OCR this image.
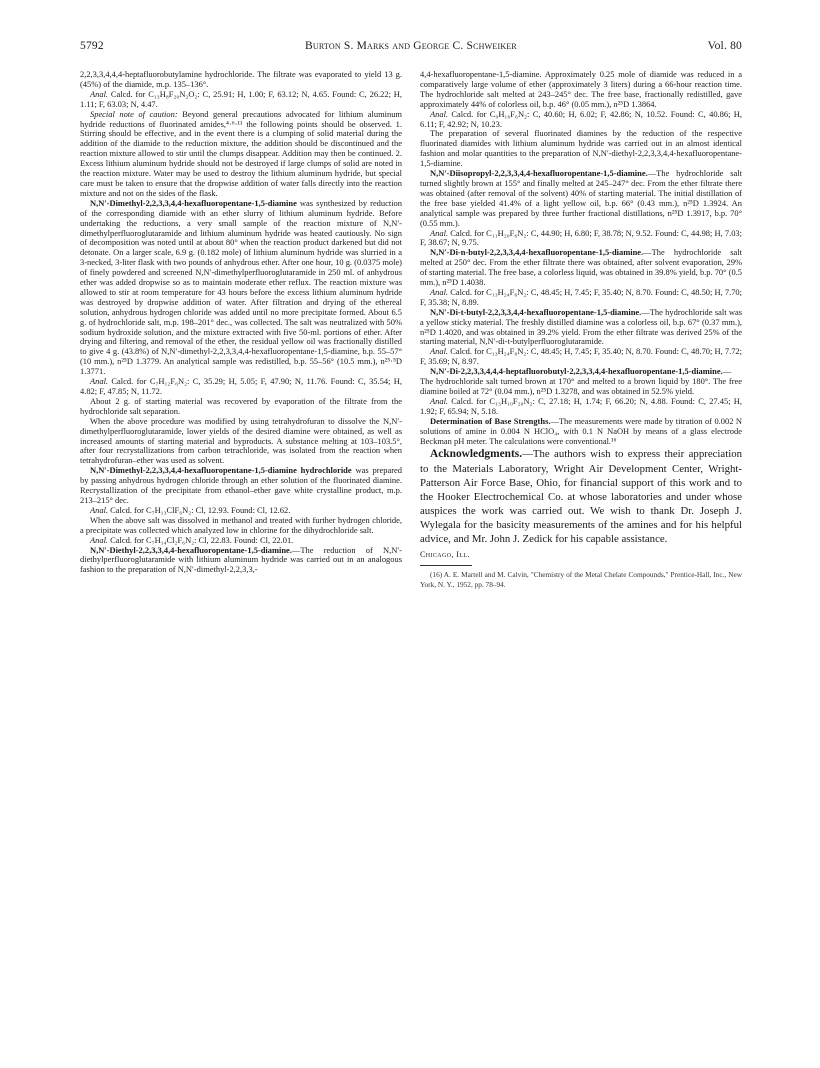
5792	Burton S. Marks and George C. Schweiker	Vol. 80

2,2,3,3,4,4,4-heptafluorobutylamine hydrochloride. The filtrate was evaporated to yield 13 g. (45%) of the diamide, m.p. 135–136°.

Anal. Calcd. for C₁₃H₈F₂₀N₂O₂: C, 25.91; H, 1.00; F, 63.12; N, 4.65. Found: C, 26.22; H, 1.11; F, 63.03; N, 4.47.

Special note of caution: Beyond general precautions advocated for lithium aluminum hydride reductions of fluorinated amides,⁴·⁶·¹¹ the following points should be observed. 1. Stirring should be effective, and in the event there is a clumping of solid material during the addition of the diamide to the reduction mixture, the addition should be discontinued and the reaction mixture allowed to stir until the clumps disappear. Addition may then be continued. 2. Excess lithium aluminum hydride should not be destroyed if large clumps of solid are noted in the reaction mixture. Water may be used to destroy the lithium aluminum hydride, but special care must be taken to ensure that the dropwise addition of water falls directly into the reaction mixture and not on the sides of the flask.

N,N′-Dimethyl-2,2,3,3,4,4-hexafluoropentane-1,5-diamine was synthesized by reduction of the corresponding diamide with an ether slurry of lithium aluminum hydride. Before undertaking the reductions, a very small sample of the reaction mixture of N,N′-dimethylperfluoroglutaramide and lithium aluminum hydride was heated cautiously. No sign of decomposition was noted until at about 80° when the reaction product darkened but did not detonate. On a larger scale, 6.9 g. (0.182 mole) of lithium aluminum hydride was slurried in a 3-necked, 3-liter flask with two pounds of anhydrous ether. After one hour, 10 g. (0.0375 mole) of finely powdered and screened N,N′-dimethylperfluoroglutaramide in 250 ml. of anhydrous ether was added dropwise so as to maintain moderate ether reflux. The reaction mixture was allowed to stir at room temperature for 43 hours before the excess lithium aluminum hydride was destroyed by dropwise addition of water. After filtration and drying of the ethereal solution, anhydrous hydrogen chloride was added until no more precipitate formed. About 6.5 g. of hydrochloride salt, m.p. 198–201° dec., was collected. The salt was neutralized with 50% sodium hydroxide solution, and the mixture extracted with five 50-ml. portions of ether. After drying and filtering, and removal of the ether, the residual yellow oil was fractionally distilled to give 4 g. (43.8%) of N,N′-dimethyl-2,2,3,3,4,4-hexafluoropentane-1,5-diamine, b.p. 55–57° (10 mm.), n²⁵D 1.3779. An analytical sample was redistilled, b.p. 55–56° (10.5 mm.), n²⁵·⁵D 1.3771.

Anal. Calcd. for C₇H₁₂F₆N₂: C, 35.29; H, 5.05; F, 47.90; N, 11.76. Found: C, 35.54; H, 4.82; F, 47.85; N, 11.72.

About 2 g. of starting material was recovered by evaporation of the filtrate from the hydrochloride salt separation.

When the above procedure was modified by using tetrahydrofuran to dissolve the N,N′-dimethylperfluoroglutaramide, lower yields of the desired diamine were obtained, as well as increased amounts of starting material and byproducts. A substance melting at 103–103.5°, after four recrystallizations from carbon tetrachloride, was isolated from the reaction when tetrahydrofuran–ether was used as solvent.

N,N′-Dimethyl-2,2,3,3,4,4-hexafluoropentane-1,5-diamine hydrochloride was prepared by passing anhydrous hydrogen chloride through an ether solution of the fluorinated diamine. Recrystallization of the precipitate from ethanol–ether gave white crystalline product, m.p. 213–215° dec.

Anal. Calcd. for C₇H₁₃ClF₆N₂: Cl, 12.93. Found: Cl, 12.62.

When the above salt was dissolved in methanol and treated with further hydrogen chloride, a precipitate was collected which analyzed low in chlorine for the dihydrochloride salt.

Anal. Calcd. for C₇H₁₄Cl₂F₆N₂: Cl, 22.83. Found: Cl, 22.01.

N,N′-Diethyl-2,2,3,3,4,4-hexafluoropentane-1,5-diamine.—The reduction of N,N′-diethylperfluoroglutaramide with lithium aluminum hydride was carried out in an analogous fashion to the preparation of N,N′-dimethyl-2,2,3,3,-

4,4-hexafluoropentane-1,5-diamine. Approximately 0.25 mole of diamide was reduced in a comparatively large volume of ether (approximately 3 liters) during a 66-hour reaction time. The hydrochloride salt melted at 243–245° dec. The free base, fractionally redistilled, gave approximately 44% of colorless oil, b.p. 46° (0.05 mm.), n²⁵D 1.3864.

Anal. Calcd. for C₉H₁₆F₆N₂: C, 40.60; H, 6.02; F, 42.86; N, 10.52. Found: C, 40.86; H, 6.11; F, 42.92; N, 10.23.

The preparation of several fluorinated diamines by the reduction of the respective fluorinated diamides with lithium aluminum hydride was carried out in an almost identical fashion and molar quantities to the preparation of N,N′-diethyl-2,2,3,3,4,4-hexafluoropentane-1,5-diamine.

N,N′-Diisopropyl-2,2,3,3,4,4-hexafluoropentane-1,5-diamine.—The hydrochloride salt turned slightly brown at 155° and finally melted at 245–247° dec. From the ether filtrate there was obtained (after removal of the solvent) 40% of starting material. The initial distillation of the free base yielded 41.4% of a light yellow oil, b.p. 66° (0.43 mm.), n²⁵D 1.3924. An analytical sample was prepared by three further fractional distillations, n²⁵D 1.3917, b.p. 70° (0.55 mm.).

Anal. Calcd. for C₁₁H₂₀F₆N₂: C, 44.90; H, 6.80; F, 38.78; N, 9.52. Found: C, 44.98; H, 7.03; F, 38.67; N, 9.75.

N,N′-Di-n-butyl-2,2,3,3,4,4-hexafluoropentane-1,5-diamine.—The hydrochloride salt melted at 250° dec. From the ether filtrate there was obtained, after solvent evaporation, 29% of starting material. The free base, a colorless liquid, was obtained in 39.8% yield, b.p. 70° (0.5 mm.), n²⁵D 1.4038.

Anal. Calcd. for C₁₃H₂₄F₆N₂: C, 48.45; H, 7.45; F, 35.40; N, 8.70. Found: C, 48.50; H, 7.70; F, 35.38; N, 8.89.

N,N′-Di-t-butyl-2,2,3,3,4,4-hexafluoropentane-1,5-diamine.—The hydrochloride salt was a yellow sticky material. The freshly distilled diamine was a colorless oil, b.p. 67° (0.37 mm.), n²⁵D 1.4020, and was obtained in 39.2% yield. From the ether filtrate was derived 25% of the starting material, N,N′-di-t-butylperfluoroglutaramide.

Anal. Calcd. for C₁₃H₂₄F₆N₂: C, 48.45; H, 7.45; F, 35.40; N, 8.70. Found: C, 48.70; H, 7.72; F, 35.69; N, 8.97.

N,N′-Di-2,2,3,3,4,4,4-heptafluorobutyl-2,2,3,3,4,4-hexafluoropentane-1,5-diamine.—The hydrochloride salt turned brown at 170° and melted to a brown liquid by 180°. The free diamine boiled at 72° (0.04 mm.), n²⁵D 1.3278, and was obtained in 52.5% yield.

Anal. Calcd. for C₁₃H₁₀F₂₀N₂: C, 27.18; H, 1.74; F, 66.20; N, 4.88. Found: C, 27.45; H, 1.92; F, 65.94; N, 5.18.

Determination of Base Strengths.—The measurements were made by titration of 0.002 N solutions of amine in 0.004 N HClO₄, with 0.1 N NaOH by means of a glass electrode Beckman pH meter. The calculations were conventional.¹⁶

Acknowledgments.—The authors wish to express their appreciation to the Materials Laboratory, Wright Air Development Center, Wright-Patterson Air Force Base, Ohio, for financial support of this work and to the Hooker Electrochemical Co. at whose laboratories and under whose auspices the work was carried out. We wish to thank Dr. Joseph J. Wylegala for the basicity measurements of the amines and for his helpful advice, and Mr. John J. Zedick for his capable assistance.

Chicago, Ill.

(16) A. E. Martell and M. Calvin, "Chemistry of the Metal Chelate Compounds," Prentice-Hall, Inc., New York, N. Y., 1952, pp. 78–94.
